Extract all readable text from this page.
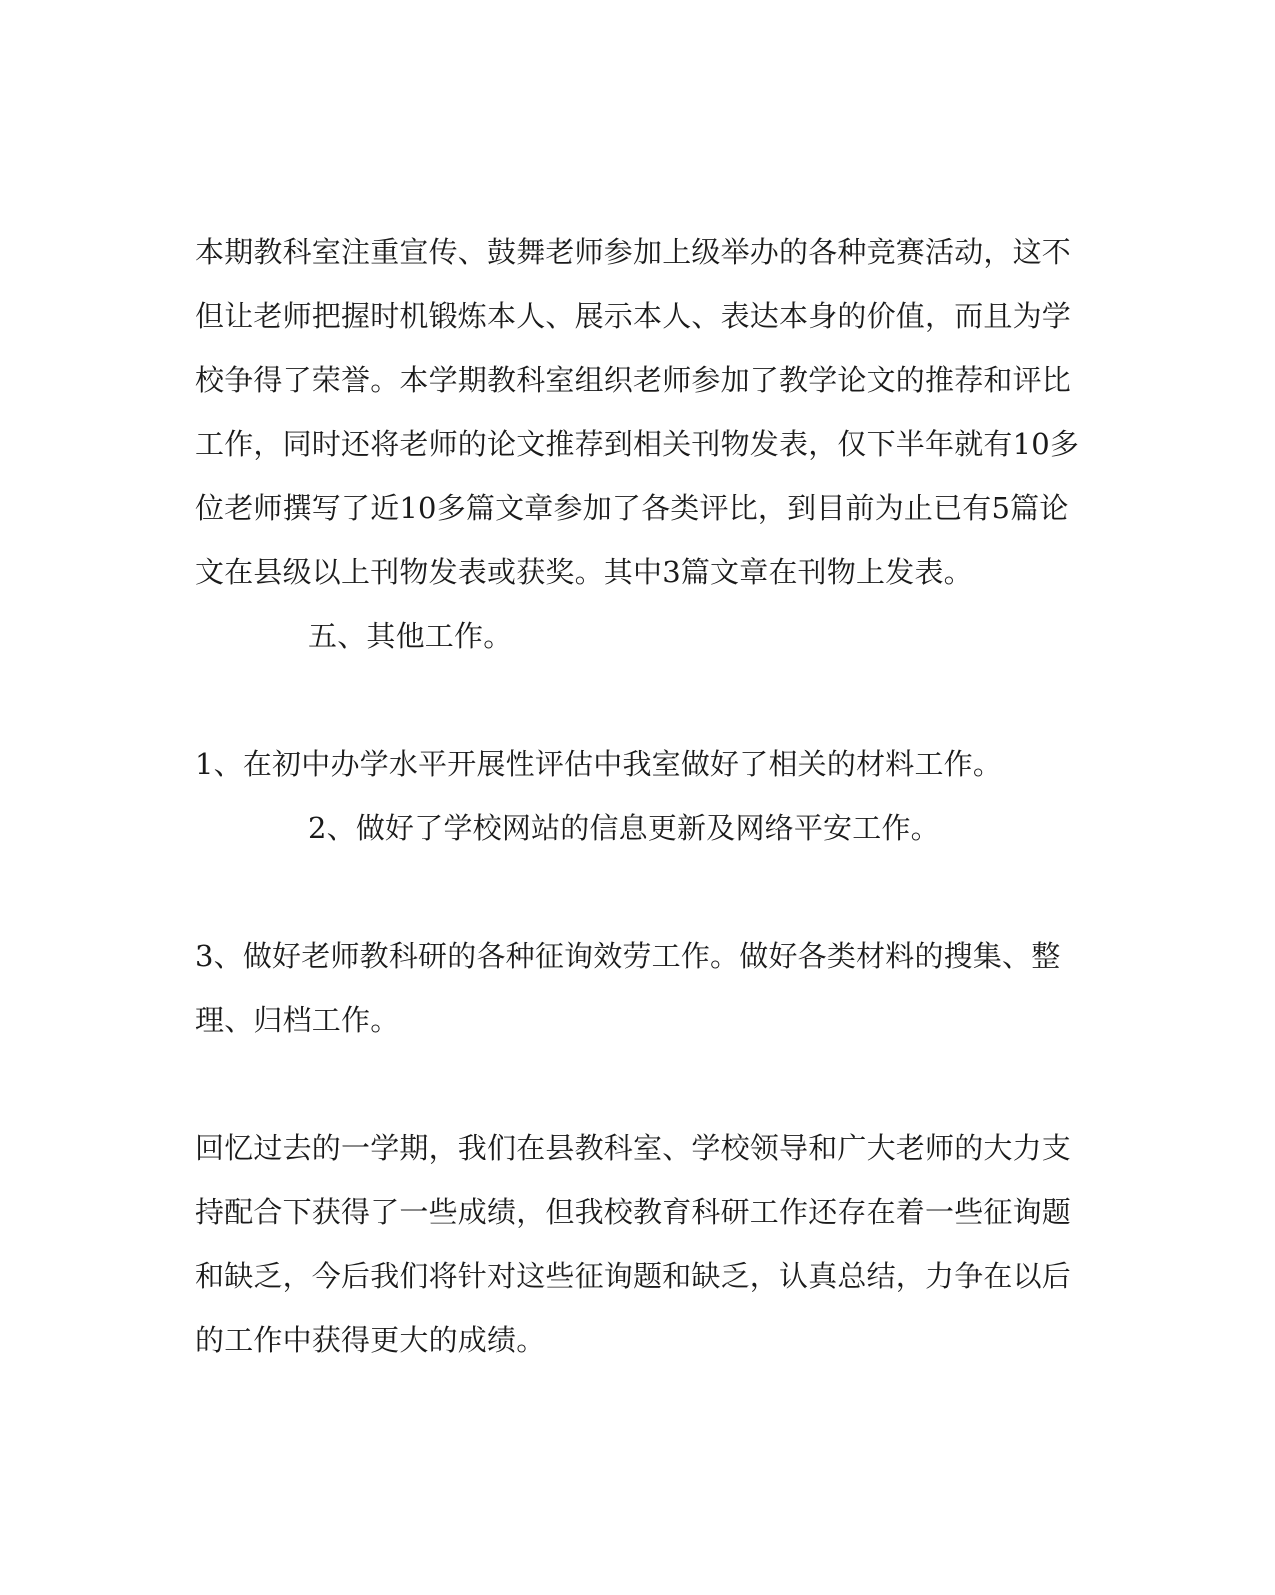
本期教科室注重宣传、鼓舞老师参加上级举办的各种竞赛活动，这不
但让老师把握时机锻炼本人、展示本人、表达本身的价值，而且为学
校争得了荣誉。本学期教科室组织老师参加了教学论文的推荐和评比
工作，同时还将老师的论文推荐到相关刊物发表，仅下半年就有10多
位老师撰写了近10多篇文章参加了各类评比，到目前为止已有5篇论
文在县级以上刊物发表或获奖。其中3篇文章在刊物上发表。
五、其他工作。
1、在初中办学水平开展性评估中我室做好了相关的材料工作。
2、做好了学校网站的信息更新及网络平安工作。
3、做好老师教科研的各种征询效劳工作。做好各类材料的搜集、整
理、归档工作。
回忆过去的一学期，我们在县教科室、学校领导和广大老师的大力支
持配合下获得了一些成绩，但我校教育科研工作还存在着一些征询题
和缺乏，今后我们将针对这些征询题和缺乏，认真总结，力争在以后
的工作中获得更大的成绩。
